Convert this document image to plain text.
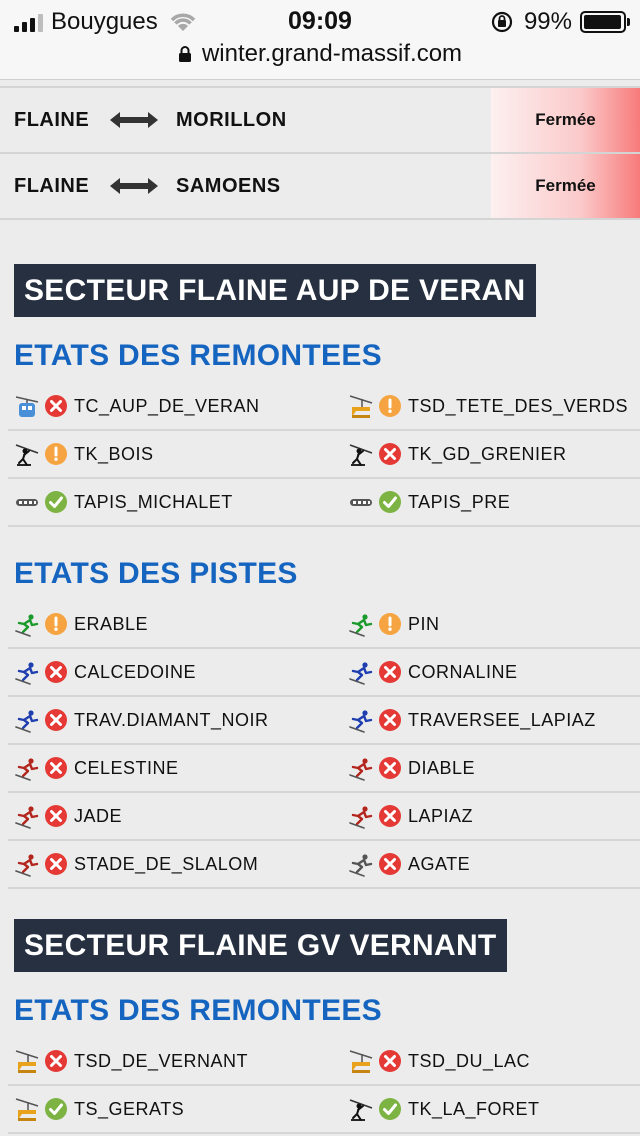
Bouygues	09:09	99%
winter.grand-massif.com
FLAINE	MORILLON	Fermée
FLAINE	SAMOENS	Fermée
SECTEUR FLAINE AUP DE VERAN
ETATS DES REMONTEES
TC_AUP_DE_VERAN	TSD_TETE_DES_VERDS
TK_BOIS	TK_GD_GRENIER
TAPIS_MICHALET	TAPIS_PRE
ETATS DES PISTES
ERABLE	PIN
CALCEDOINE	CORNALINE
TRAV.DIAMANT_NOIR	TRAVERSEE_LAPIAZ
CELESTINE	DIABLE
JADE	LAPIAZ
STADE_DE_SLALOM	AGATE
SECTEUR FLAINE GV VERNANT
ETATS DES REMONTEES
TSD_DE_VERNANT	TSD_DU_LAC
TS_GERATS	TK_LA_FORET
